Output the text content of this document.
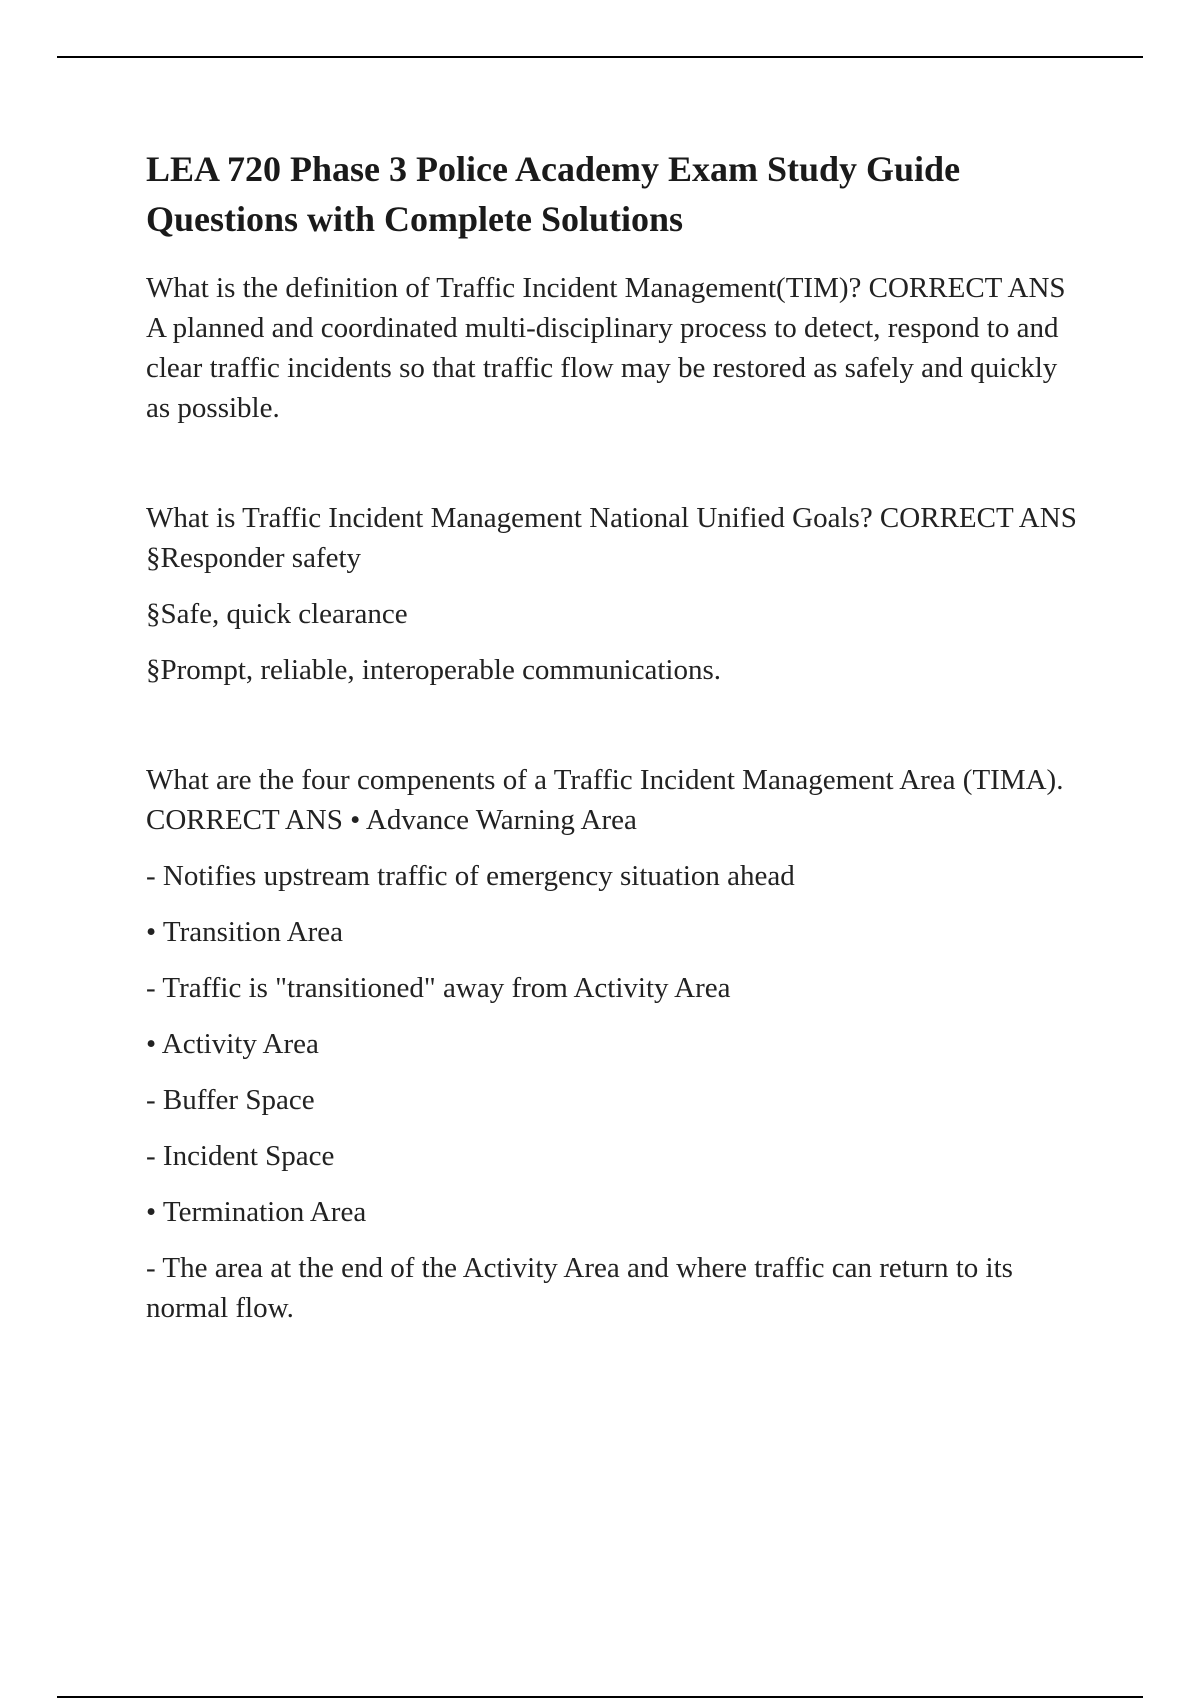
LEA 720 Phase 3 Police Academy Exam Study Guide Questions with Complete Solutions

What is the definition of Traffic Incident Management(TIM)? CORRECT ANS A planned and coordinated multi-disciplinary process to detect, respond to and clear traffic incidents so that traffic flow may be restored as safely and quickly as possible.

What is Traffic Incident Management National Unified Goals? CORRECT ANS §Responder safety

§Safe, quick clearance

§Prompt, reliable, interoperable communications.

What are the four compenents of a Traffic Incident Management Area (TIMA). CORRECT ANS • Advance Warning Area

- Notifies upstream traffic of emergency situation ahead

• Transition Area

- Traffic is "transitioned" away from Activity Area

• Activity Area

- Buffer Space

- Incident Space

• Termination Area

- The area at the end of the Activity Area and where traffic can return to its normal flow.
